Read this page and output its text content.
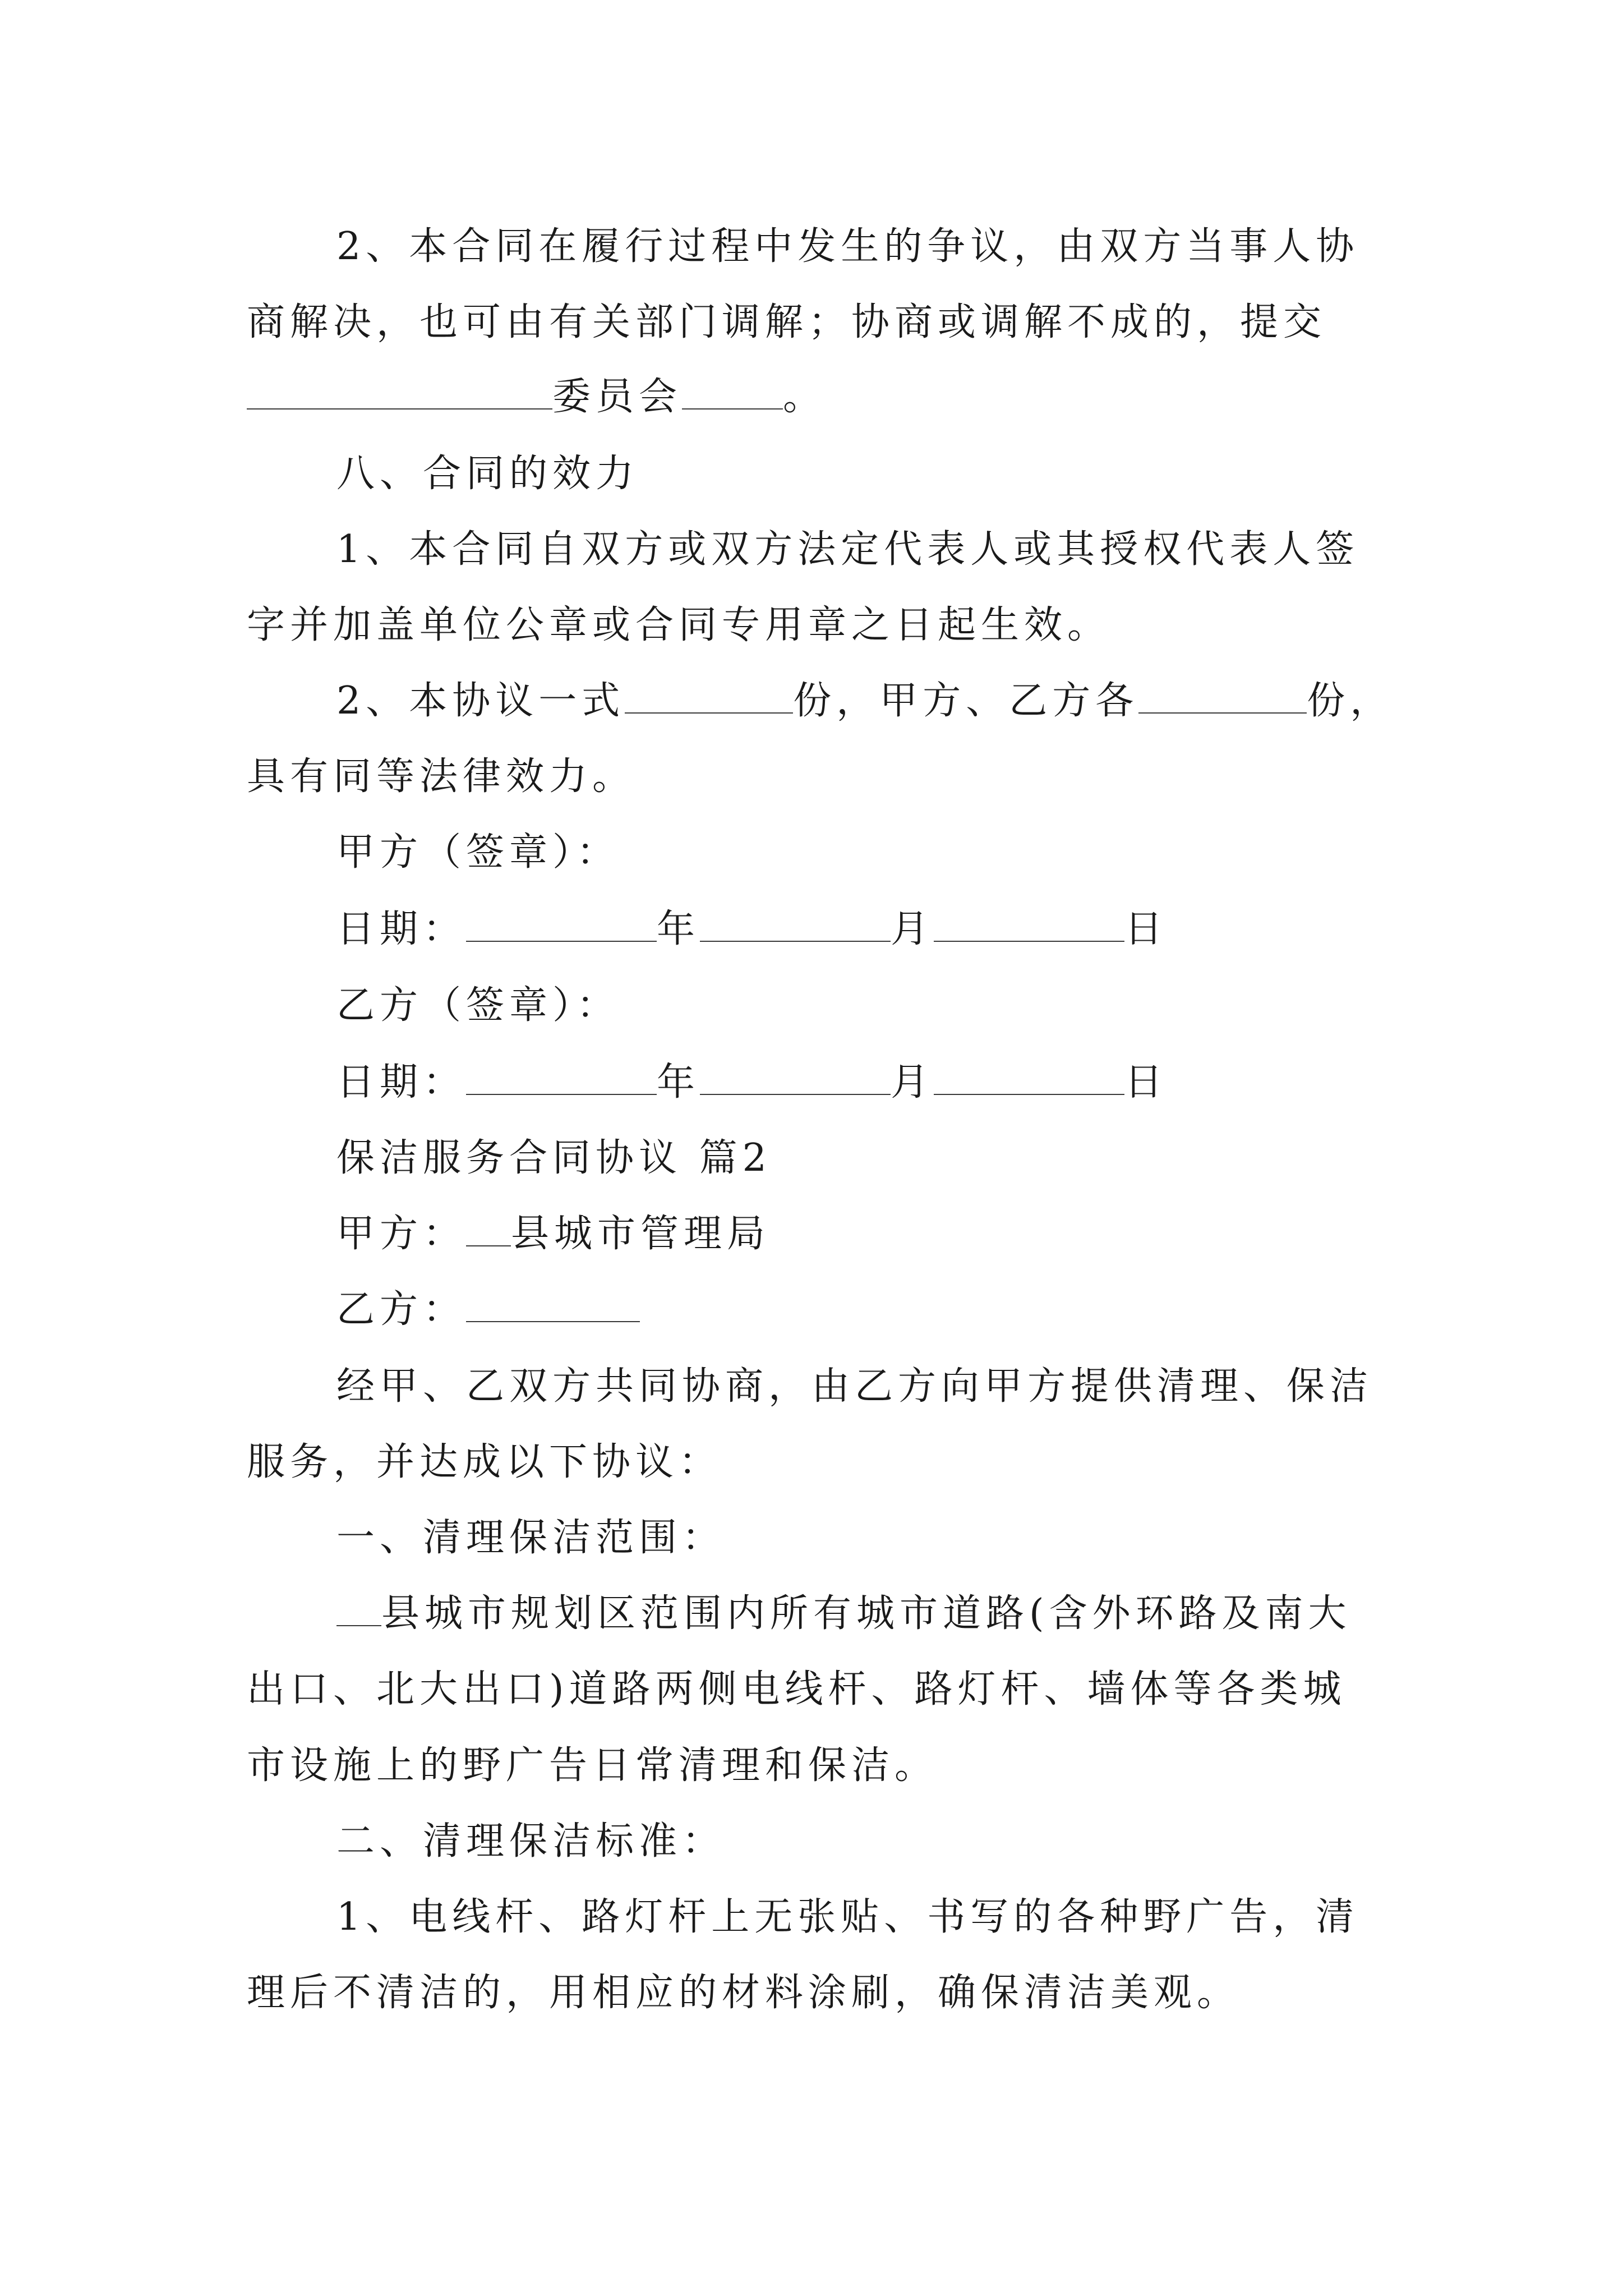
2、本合同在履行过程中发生的争议，由双方当事人协
商解决，也可由有关部门调解；协商或调解不成的，提交
委员会	。
八、合同的效力
1、本合同自双方或双方法定代表人或其授权代表人签
字并加盖单位公章或合同专用章之日起生效。
2、本协议一式	份，甲方、乙方各	份，
具有同等法律效力。
甲方（签章）：
日期：	年	月	日
乙方（签章）：
日期：	年	月	日
保洁服务合同协议 篇2
甲方： 县城市管理局
乙方：
经甲、乙双方共同协商，由乙方向甲方提供清理、保洁
服务，并达成以下协议：
一、清理保洁范围：
县城市规划区范围内所有城市道路(含外环路及南大
出口、北大出口)道路两侧电线杆、路灯杆、墙体等各类城
市设施上的野广告日常清理和保洁。
二、清理保洁标准：
1、电线杆、路灯杆上无张贴、书写的各种野广告，清
理后不清洁的，用相应的材料涂刷，确保清洁美观。
